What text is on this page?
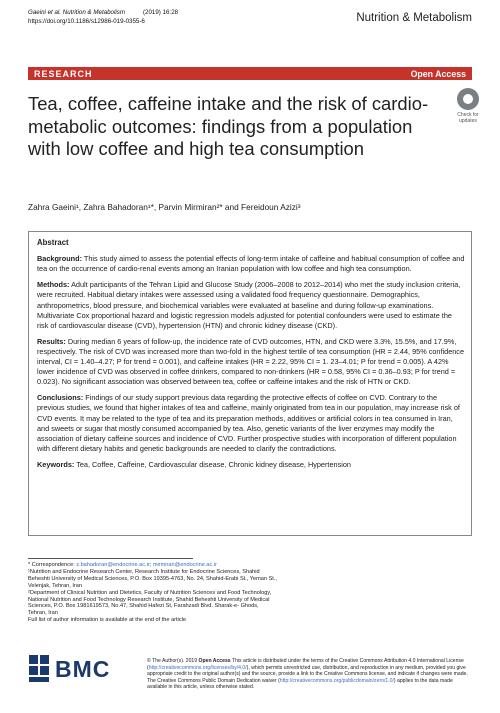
Gaeini et al. Nutrition & Metabolism	(2019) 16:28
https://doi.org/10.1186/s12986-019-0355-6	Nutrition & Metabolism
RESEARCH	Open Access
Tea, coffee, caffeine intake and the risk of cardio-metabolic outcomes: findings from a population with low coffee and high tea consumption
Check for
updates
Zahra Gaeini¹, Zahra Bahadoran¹*, Parvin Mirmiran²* and Fereidoun Azizi³
Abstract

Background: This study aimed to assess the potential effects of long-term intake of caffeine and habitual consumption of coffee and tea on the occurrence of cardio-renal events among an Iranian population with low coffee and high tea consumption.

Methods: Adult participants of the Tehran Lipid and Glucose Study (2006–2008 to 2012–2014) who met the study inclusion criteria, were recruited. Habitual dietary intakes were assessed using a validated food frequency questionnaire. Demographics, anthropometrics, blood pressure, and biochemical variables were evaluated at baseline and during follow-up examinations. Multivariate Cox proportional hazard and logistic regression models adjusted for potential confounders were used to estimate the risk of cardiovascular disease (CVD), hypertension (HTN) and chronic kidney disease (CKD).

Results: During median 6 years of follow-up, the incidence rate of CVD outcomes, HTN, and CKD were 3.3%, 15.5%, and 17.9%, respectively. The risk of CVD was increased more than two-fold in the highest tertile of tea consumption (HR = 2.44, 95% confidence interval, CI = 1.40–4.27; P for trend = 0.001), and caffeine intakes (HR = 2.22, 95% CI = 1. 23–4.01; P for trend = 0.005). A 42% lower incidence of CVD was observed in coffee drinkers, compared to non-drinkers (HR = 0.58, 95% CI = 0.36–0.93; P for trend = 0.023). No significant association was observed between tea, coffee or caffeine intakes and the risk of HTN or CKD.

Conclusions: Findings of our study support previous data regarding the protective effects of coffee on CVD. Contrary to the previous studies, we found that higher intakes of tea and caffeine, mainly originated from tea in our population, may increase risk of CVD events. It may be related to the type of tea and its preparation methods, additives or artificial colors in tea consumed in Iran, and sweets or sugar that mostly consumed accompanied by tea. Also, genetic variants of the liver enzymes may modify the association of dietary caffeine sources and incidence of CVD. Further prospective studies with incorporation of different population with different dietary habits and genetic backgrounds are needed to clarify the contradictions.

Keywords: Tea, Coffee, Caffeine, Cardiovascular disease, Chronic kidney disease, Hypertension

* Correspondence: z.bahadoran@endocrine.ac.ir; mirmiran@endocrine.ac.ir

¹Nutrition and Endocrine Research Center, Research Institute for Endocrine Sciences, Shahid Beheshti University of Medical Sciences, P.O. Box 19395-4763, No. 24, Shahid-Erabi St., Yeman St., Velenjak, Tehran, Iran

²Department of Clinical Nutrition and Dietetics, Faculty of Nutrition Sciences and Food Technology, National Nutrition and Food Technology Research Institute, Shahid Beheshti University of Medical Sciences, P.O. Box 1981619573, No.47, Shahid Hafezi St, Farahzadi Blvd. Sharak-e- Ghods, Tehran, Iran

Full list of author information is available at the end of the article

BMC	© The Author(s). 2019 Open Access This article is distributed under the terms of the Creative Commons Attribution 4.0 International License (http://creativecommons.org/licenses/by/4.0/), which permits unrestricted use, distribution, and reproduction in any medium, provided you give appropriate credit to the original author(s) and the source, provide a link to the Creative Commons license, and indicate if changes were made. The Creative Commons Public Domain Dedication waiver (http://creativecommons.org/publicdomain/zero/1.0/) applies to the data made available in this article, unless otherwise stated.
